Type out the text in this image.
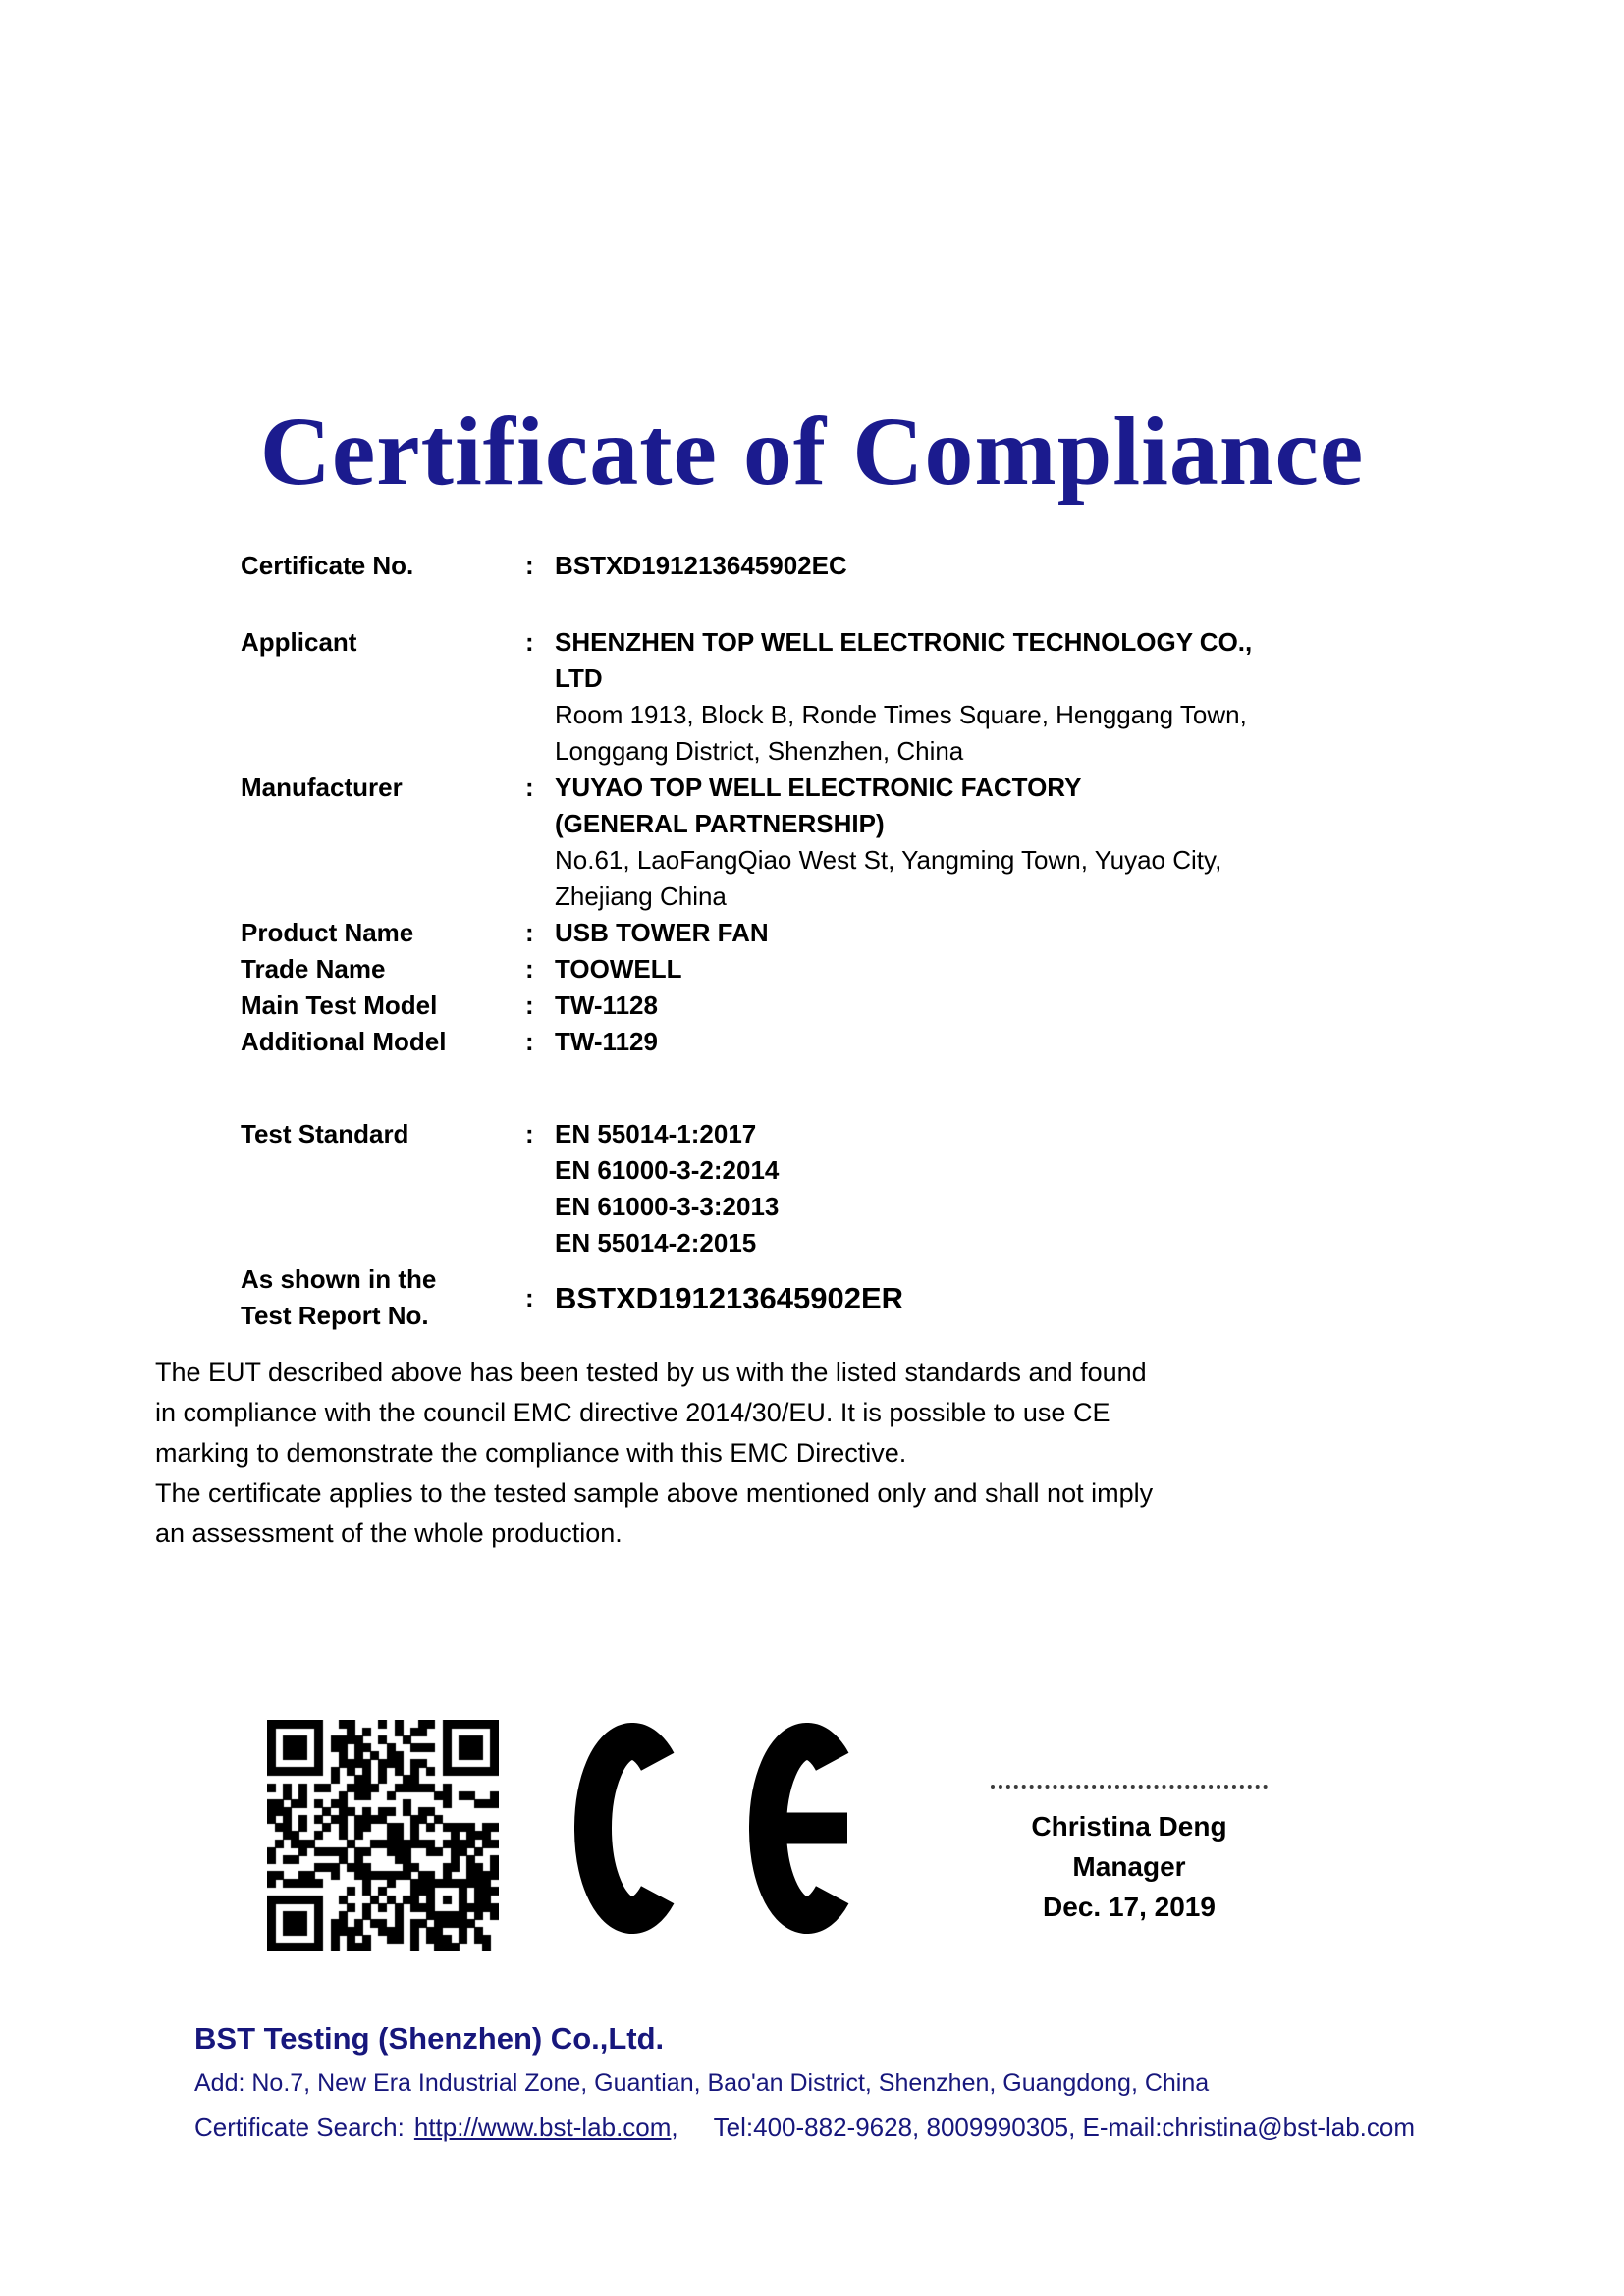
Certificate of Compliance
Certificate No.	: BSTXD191213645902EC
Applicant	: SHENZHEN TOP WELL ELECTRONIC TECHNOLOGY CO.,
LTD
Room 1913, Block B, Ronde Times Square, Henggang Town,
Longgang District, Shenzhen, China
Manufacturer	: YUYAO TOP WELL ELECTRONIC FACTORY
(GENERAL PARTNERSHIP)
No.61, LaoFangQiao West St, Yangming Town, Yuyao City,
Zhejiang China
Product Name	: USB TOWER FAN
Trade Name	: TOOWELL
Main Test Model	: TW-1128
Additional Model	: TW-1129
Test Standard	: EN 55014-1:2017
EN 61000-3-2:2014
EN 61000-3-3:2013
EN 55014-2:2015
As shown in the
Test Report No.
: BSTXD191213645902ER
The EUT described above has been tested by us with the listed standards and found
in compliance with the council EMC directive 2014/30/EU. It is possible to use CE
marking to demonstrate the compliance with this EMC Directive.
The certificate applies to the tested sample above mentioned only and shall not imply
an assessment of the whole production.
Christina Deng
Manager
Dec. 17, 2019
BST Testing (Shenzhen) Co.,Ltd.
Add: No.7, New Era Industrial Zone, Guantian, Bao'an District, Shenzhen, Guangdong, China
Certificate Search: http://www.bst-lab.com, Tel:400-882-9628, 8009990305, E-mail:christina@bst-lab.com
